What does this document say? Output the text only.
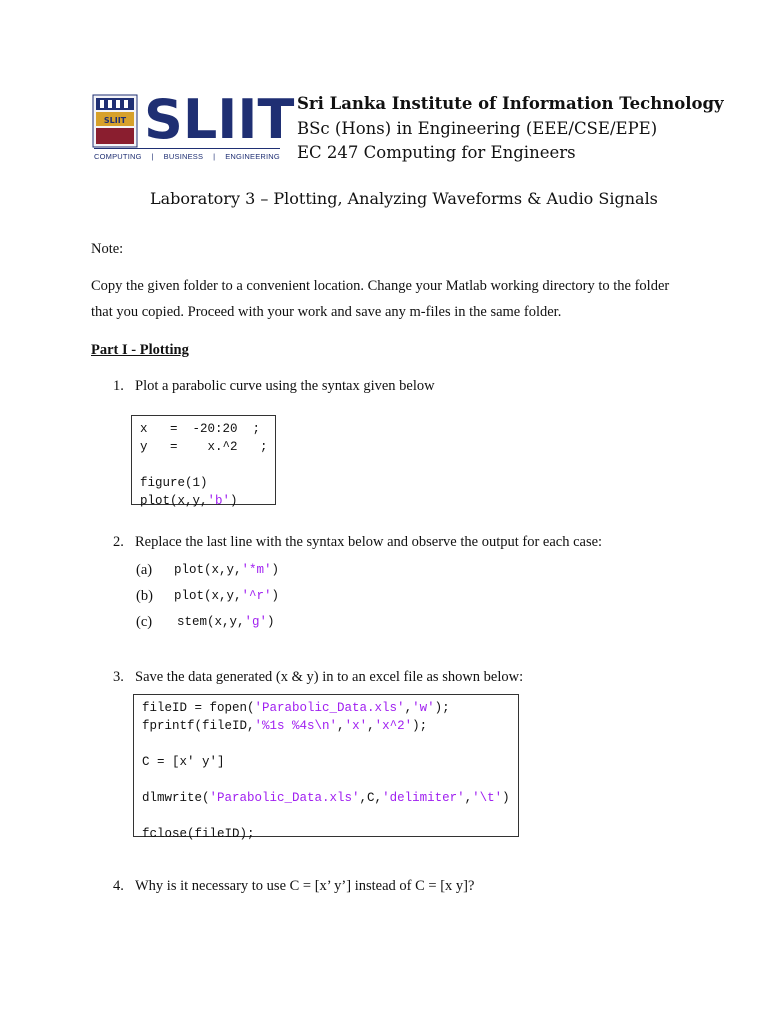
SLIIT SLIIT
COMPUTING | BUSINESS | ENGINEERING
Sri Lanka Institute of Information Technology
BSc (Hons) in Engineering (EEE/CSE/EPE)
EC 247 Computing for Engineers
Laboratory 3 – Plotting, Analyzing Waveforms & Audio Signals
Note:
Copy the given folder to a convenient location. Change your Matlab working directory to the folder
that you copied. Proceed with your work and save any m-files in the same folder.
Part I - Plotting
1. Plot a parabolic curve using the syntax given below
x   =  -20:20  ;
y   =    x.^2   ;

figure(1)
plot(x,y,'b')
2. Replace the last line with the syntax below and observe the output for each case:
(a) plot(x,y,'*m')
(b) plot(x,y,'^r')
(c) stem(x,y,'g')
3. Save the data generated (x & y) in to an excel file as shown below:
fileID = fopen('Parabolic_Data.xls','w');
fprintf(fileID,'%1s %4s\n','x','x^2');

C = [x' y']

dlmwrite('Parabolic_Data.xls',C,'delimiter','\t')

fclose(fileID);
4. Why is it necessary to use C = [x’ y’] instead of C = [x y]?
